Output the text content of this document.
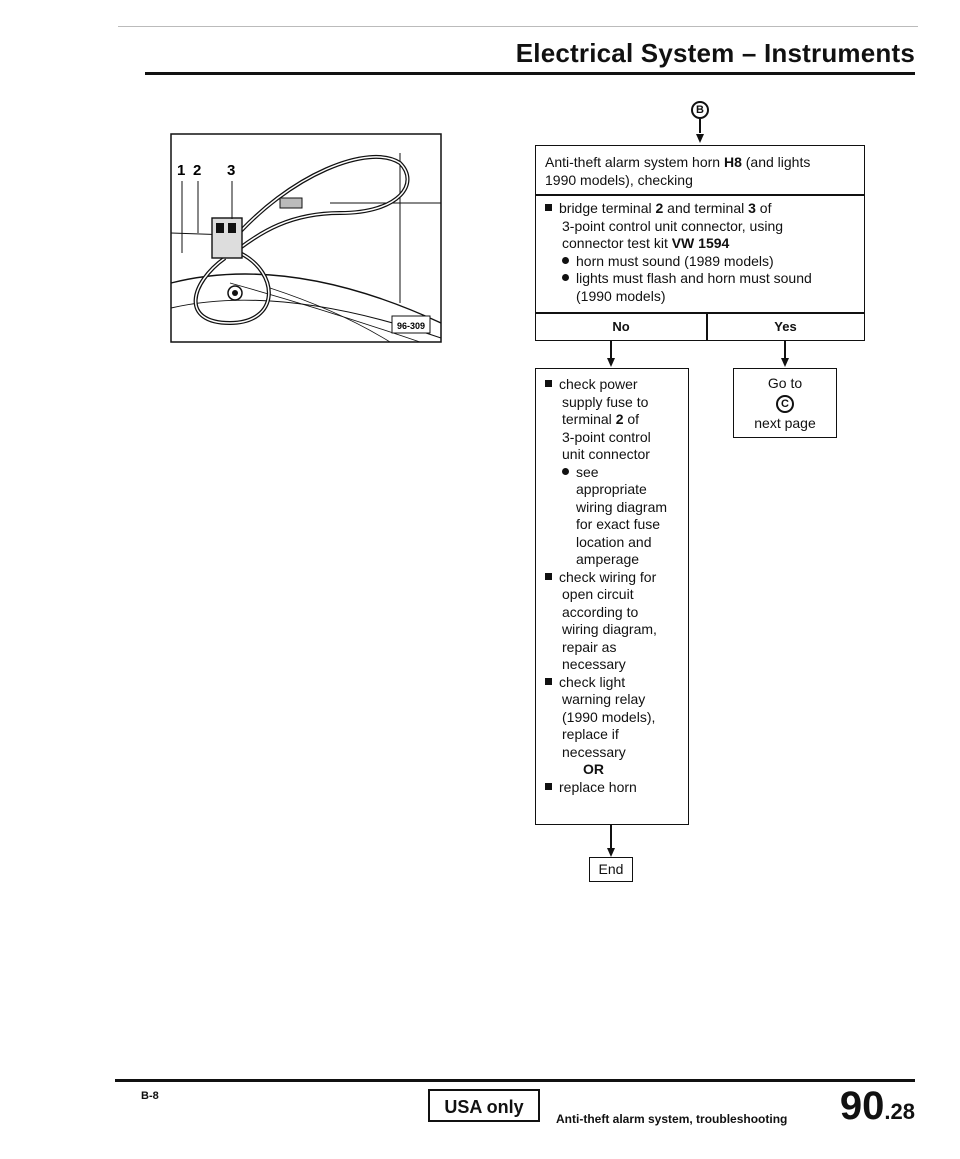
Electrical System – Instruments
1 2 3
96-309
B
Anti-theft alarm system horn H8 (and lights
1990 models), checking
bridge terminal 2 and terminal 3 of
3-point control unit connector, using
connector test kit VW 1594
horn must sound (1989 models)
lights must flash and horn must sound
(1990 models)
No	Yes
check power
supply fuse to
terminal 2 of
3-point control
unit connector
see
appropriate
wiring diagram
for exact fuse
location and
amperage
check wiring for
open circuit
according to
wiring diagram,
repair as
necessary
check light
warning relay
(1990 models),
replace if
necessary
OR
replace horn
Go to
C
next page
End
B-8
USA only
Anti-theft alarm system, troubleshooting 90.28
